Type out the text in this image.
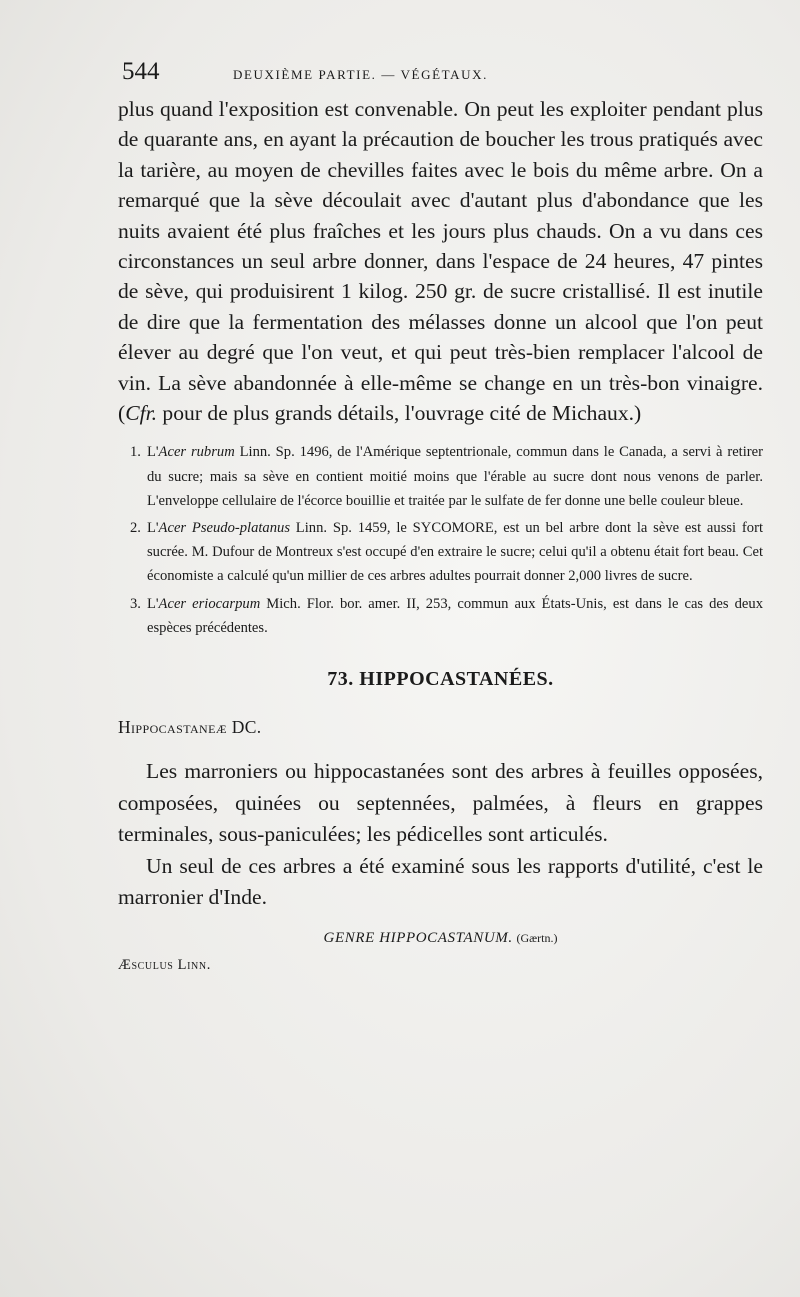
544	DEUXIÈME PARTIE. — VÉGÉTAUX.

plus quand l'exposition est convenable. On peut les exploiter pendant plus de quarante ans, en ayant la précaution de boucher les trous pratiqués avec la tarière, au moyen de chevilles faites avec le bois du même arbre. On a remarqué que la sève découlait avec d'autant plus d'abondance que les nuits avaient été plus fraîches et les jours plus chauds. On a vu dans ces circonstances un seul arbre donner, dans l'espace de 24 heures, 47 pintes de sève, qui produisirent 1 kilog. 250 gr. de sucre cristallisé. Il est inutile de dire que la fermentation des mélasses donne un alcool que l'on peut élever au degré que l'on veut, et qui peut très-bien remplacer l'alcool de vin. La sève abandonnée à elle-même se change en un très-bon vinaigre. (Cfr. pour de plus grands détails, l'ouvrage cité de Michaux.)

1. L'Acer rubrum Linn. Sp. 1496, de l'Amérique septentrionale, commun dans le Canada, a servi à retirer du sucre; mais sa sève en contient moitié moins que l'érable au sucre dont nous venons de parler. L'enveloppe cellulaire de l'écorce bouillie et traitée par le sulfate de fer donne une belle couleur bleue.

2. L'Acer Pseudo-platanus Linn. Sp. 1459, le SYCOMORE, est un bel arbre dont la sève est aussi fort sucrée. M. Dufour de Montreux s'est occupé d'en extraire le sucre; celui qu'il a obtenu était fort beau. Cet économiste a calculé qu'un millier de ces arbres adultes pourrait donner 2,000 livres de sucre.

3. L'Acer eriocarpum Mich. Flor. bor. amer. II, 253, commun aux États-Unis, est dans le cas des deux espèces précédentes.

73. HIPPOCASTANÉES.

Hippocastaneæ DC.

Les marroniers ou hippocastanées sont des arbres à feuilles opposées, composées, quinées ou septennées, palmées, à fleurs en grappes terminales, sous-paniculées; les pédicelles sont articulés.

Un seul de ces arbres a été examiné sous les rapports d'utilité, c'est le marronier d'Inde.

GENRE HIPPOCASTANUM. (Gærtn.)

Æsculus Linn.
